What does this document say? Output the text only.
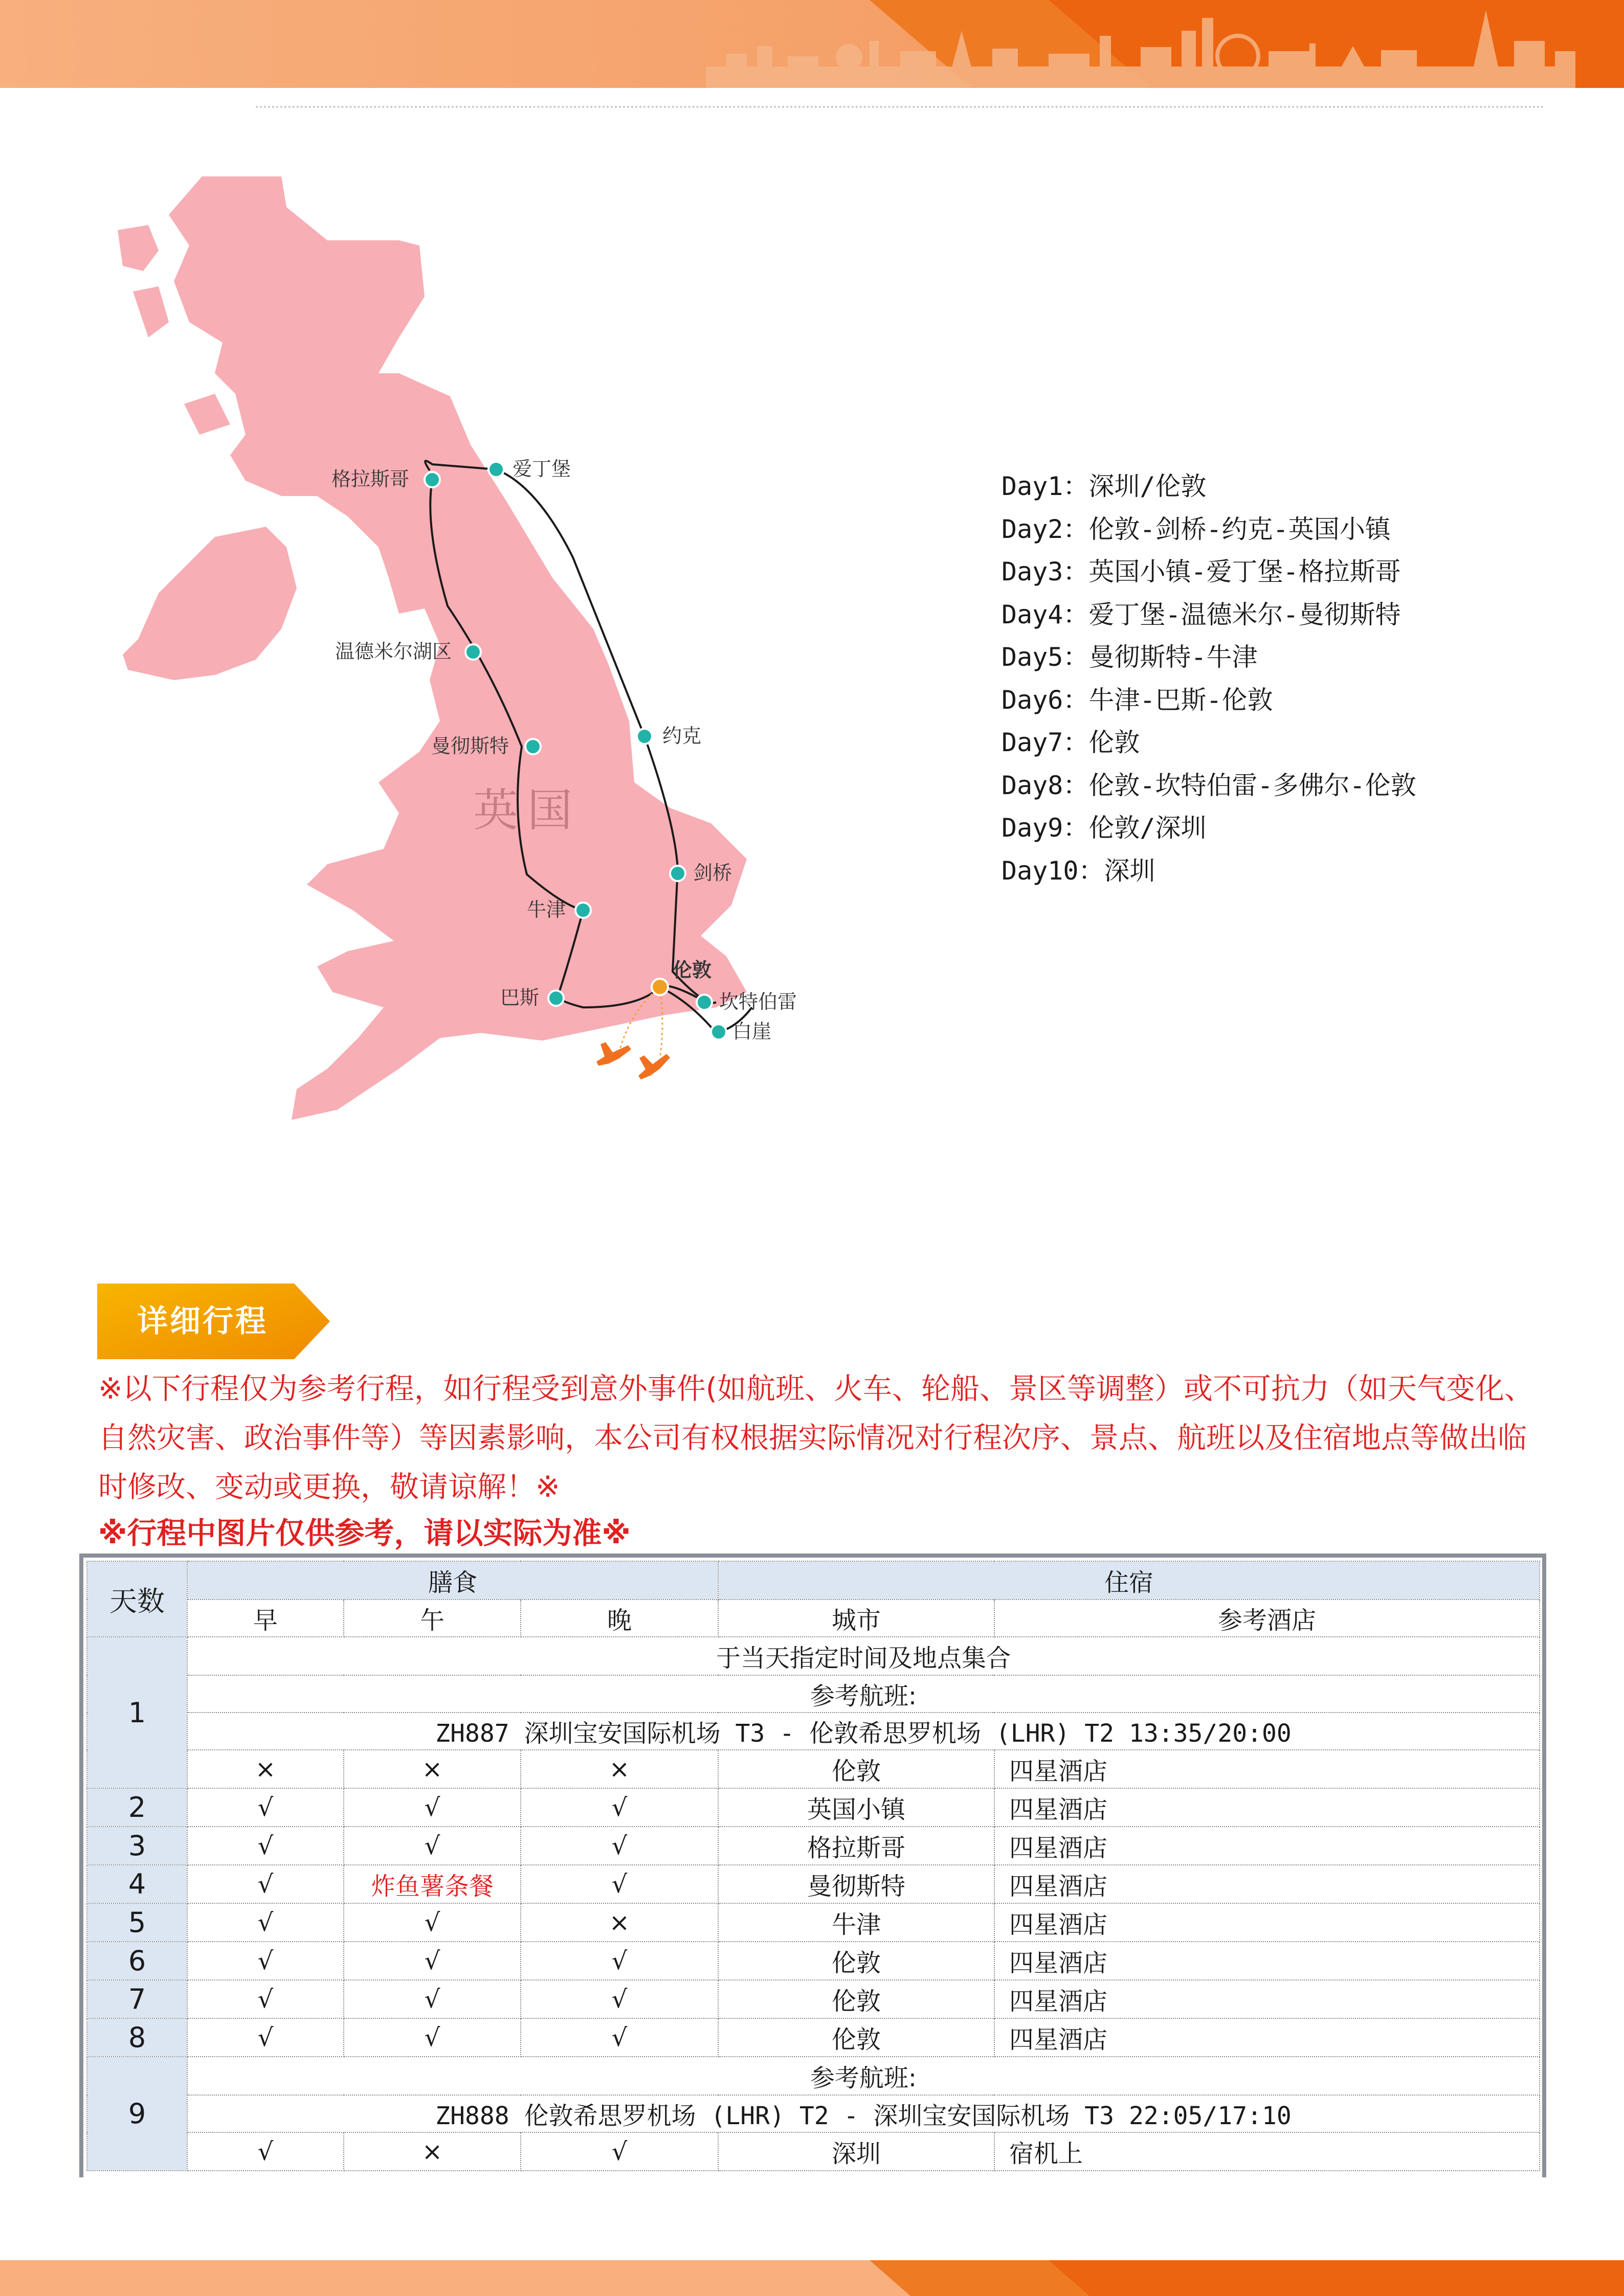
英国
格拉斯哥	爱丁堡
温德米尔湖区
曼彻斯特	约克
剑桥
牛津
伦敦
巴斯	坎特伯雷
白崖
Day1：深圳/伦敦
Day2：伦敦-剑桥-约克-英国小镇
Day3：英国小镇-爱丁堡-格拉斯哥
Day4：爱丁堡-温德米尔-曼彻斯特
Day5：曼彻斯特-牛津
Day6：牛津-巴斯-伦敦
Day7：伦敦
Day8：伦敦-坎特伯雷-多佛尔-伦敦
Day9：伦敦/深圳
Day10：深圳
详细行程
※以下行程仅为参考行程，如行程受到意外事件(如航班、火车、轮船、景区等调整）或不可抗力（如天气变化、自然灾害、政治事件等）等因素影响，本公司有权根据实际情况对行程次序、景点、航班以及住宿地点等做出临时修改、变动或更换，敬请谅解！※
※行程中图片仅供参考，请以实际为准※
天数	膳食			住宿	
	早	午	晚	城市	参考酒店
1	于当天指定时间及地点集合				
	参考航班:				
	ZH887 深圳宝安国际机场 T3 - 伦敦希思罗机场 (LHR) T2 13:35/20:00				
	×	×	×	伦敦	四星酒店
2	√	√	√	英国小镇	四星酒店
3	√	√	√	格拉斯哥	四星酒店
4	√	炸鱼薯条餐	√	曼彻斯特	四星酒店
5	√	√	×	牛津	四星酒店
6	√	√	√	伦敦	四星酒店
7	√	√	√	伦敦	四星酒店
8	√	√	√	伦敦	四星酒店
9	参考航班:				
	ZH888 伦敦希思罗机场 (LHR) T2 - 深圳宝安国际机场 T3 22:05/17:10				
	√	×	√	深圳	宿机上
